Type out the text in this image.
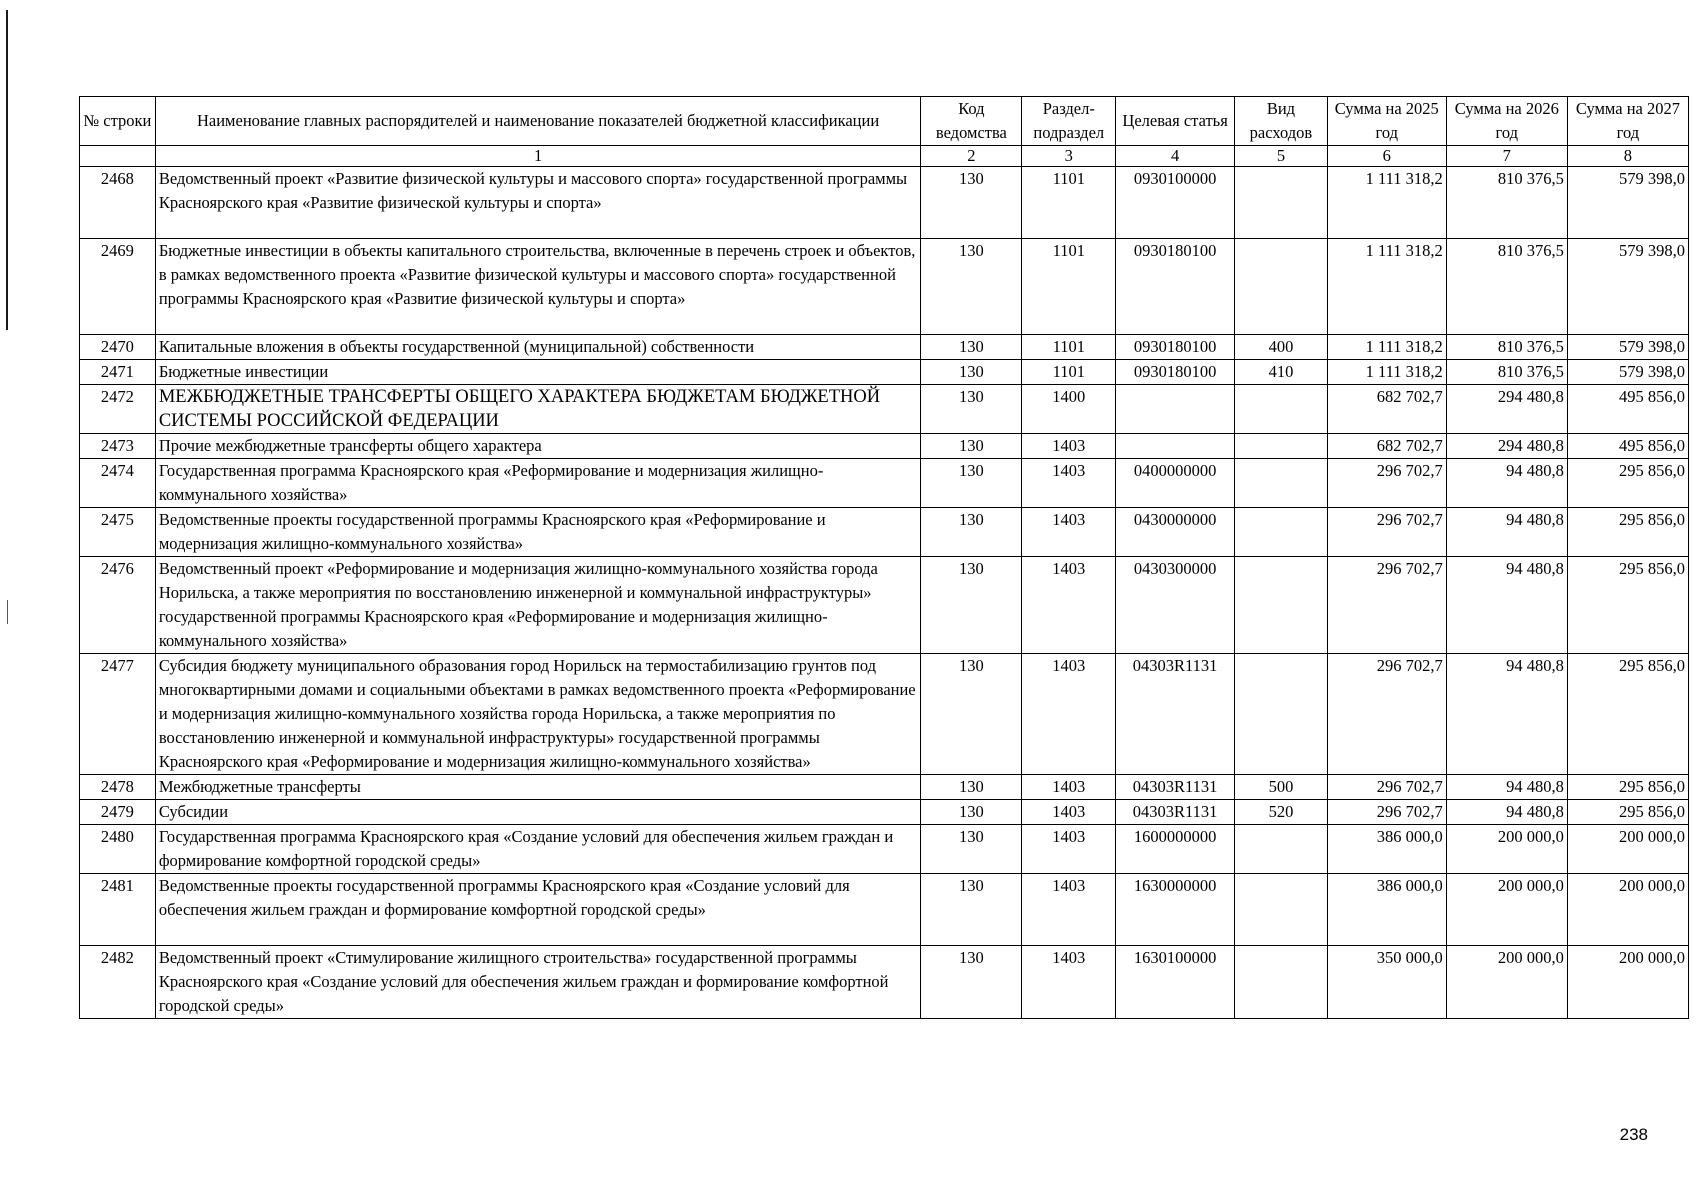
№ строки	Наименование главных распорядителей и наименование показателей бюджетной классификации	Код ведомства	Раздел-подраздел	Целевая статья	Вид расходов	Сумма на 2025 год	Сумма на 2026 год	Сумма на 2027 год
	1	2	3	4	5	6	7	8
2468	Ведомственный проект «Развитие физической культуры и массового спорта» государственной программы Красноярского края «Развитие физической культуры и спорта»	130	1101	0930100000		1 111 318,2	810 376,5	579 398,0
2469	Бюджетные инвестиции в объекты капитального строительства, включенные в перечень строек и объектов, в рамках ведомственного проекта «Развитие физической культуры и массового спорта» государственной программы Красноярского края «Развитие физической культуры и спорта»	130	1101	0930180100		1 111 318,2	810 376,5	579 398,0
2470	Капитальные вложения в объекты государственной (муниципальной) собственности	130	1101	0930180100	400	1 111 318,2	810 376,5	579 398,0
2471	Бюджетные инвестиции	130	1101	0930180100	410	1 111 318,2	810 376,5	579 398,0
2472	МЕЖБЮДЖЕТНЫЕ ТРАНСФЕРТЫ ОБЩЕГО ХАРАКТЕРА БЮДЖЕТАМ БЮДЖЕТНОЙ СИСТЕМЫ РОССИЙСКОЙ ФЕДЕРАЦИИ	130	1400			682 702,7	294 480,8	495 856,0
2473	Прочие межбюджетные трансферты общего характера	130	1403			682 702,7	294 480,8	495 856,0
2474	Государственная программа Красноярского края «Реформирование и модернизация жилищно-коммунального хозяйства»	130	1403	0400000000		296 702,7	94 480,8	295 856,0
2475	Ведомственные проекты государственной программы Красноярского края «Реформирование и модернизация жилищно-коммунального хозяйства»	130	1403	0430000000		296 702,7	94 480,8	295 856,0
2476	Ведомственный проект «Реформирование и модернизация жилищно-коммунального хозяйства города Норильска, а также мероприятия по восстановлению инженерной и коммунальной инфраструктуры» государственной программы Красноярского края «Реформирование и модернизация жилищно-коммунального хозяйства»	130	1403	0430300000		296 702,7	94 480,8	295 856,0
2477	Субсидия бюджету муниципального образования город Норильск на термостабилизацию грунтов под многоквартирными домами и социальными объектами в рамках ведомственного проекта «Реформирование и модернизация жилищно-коммунального хозяйства города Норильска, а также мероприятия по восстановлению инженерной и коммунальной инфраструктуры» государственной программы Красноярского края «Реформирование и модернизация жилищно-коммунального хозяйства»	130	1403	04303R1131		296 702,7	94 480,8	295 856,0
2478	Межбюджетные трансферты	130	1403	04303R1131	500	296 702,7	94 480,8	295 856,0
2479	Субсидии	130	1403	04303R1131	520	296 702,7	94 480,8	295 856,0
2480	Государственная программа Красноярского края «Создание условий для обеспечения жильем граждан и формирование комфортной городской среды»	130	1403	1600000000		386 000,0	200 000,0	200 000,0
2481	Ведомственные проекты государственной программы Красноярского края «Создание условий для обеспечения жильем граждан и формирование комфортной городской среды»	130	1403	1630000000		386 000,0	200 000,0	200 000,0
2482	Ведомственный проект «Стимулирование жилищного строительства» государственной программы Красноярского края «Создание условий для обеспечения жильем граждан и формирование комфортной городской среды»	130	1403	1630100000		350 000,0	200 000,0	200 000,0
238
